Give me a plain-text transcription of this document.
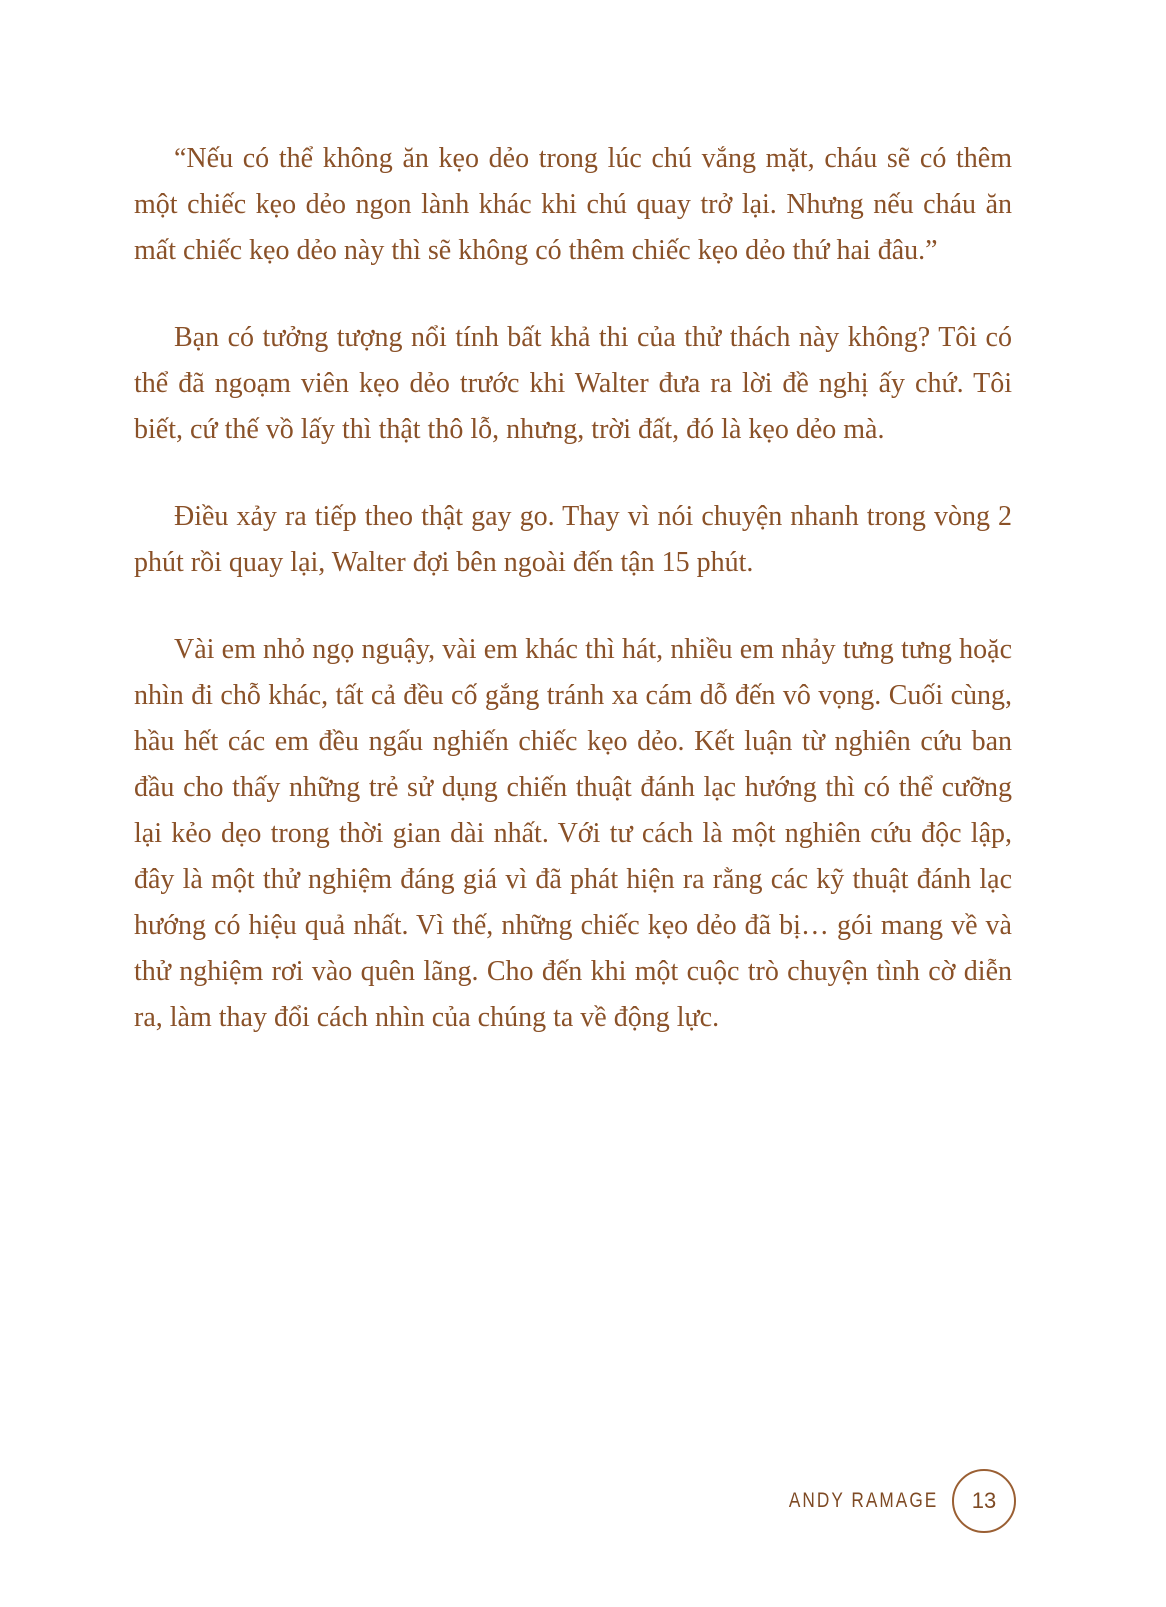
“Nếu có thể không ăn kẹo dẻo trong lúc chú vắng mặt, cháu sẽ có thêm một chiếc kẹo dẻo ngon lành khác khi chú quay trở lại. Nhưng nếu cháu ăn mất chiếc kẹo dẻo này thì sẽ không có thêm chiếc kẹo dẻo thứ hai đâu.”

Bạn có tưởng tượng nổi tính bất khả thi của thử thách này không? Tôi có thể đã ngoạm viên kẹo dẻo trước khi Walter đưa ra lời đề nghị ấy chứ. Tôi biết, cứ thế vồ lấy thì thật thô lỗ, nhưng, trời đất, đó là kẹo dẻo mà.

Điều xảy ra tiếp theo thật gay go. Thay vì nói chuyện nhanh trong vòng 2 phút rồi quay lại, Walter đợi bên ngoài đến tận 15 phút.

Vài em nhỏ ngọ nguậy, vài em khác thì hát, nhiều em nhảy tưng tưng hoặc nhìn đi chỗ khác, tất cả đều cố gắng tránh xa cám dỗ đến vô vọng. Cuối cùng, hầu hết các em đều ngấu nghiến chiếc kẹo dẻo. Kết luận từ nghiên cứu ban đầu cho thấy những trẻ sử dụng chiến thuật đánh lạc hướng thì có thể cưỡng lại kẻo dẹo trong thời gian dài nhất. Với tư cách là một nghiên cứu độc lập, đây là một thử nghiệm đáng giá vì đã phát hiện ra rằng các kỹ thuật đánh lạc hướng có hiệu quả nhất. Vì thế, những chiếc kẹo dẻo đã bị… gói mang về và thử nghiệm rơi vào quên lãng. Cho đến khi một cuộc trò chuyện tình cờ diễn ra, làm thay đổi cách nhìn của chúng ta về động lực.

ANDY RAMAGE 13
